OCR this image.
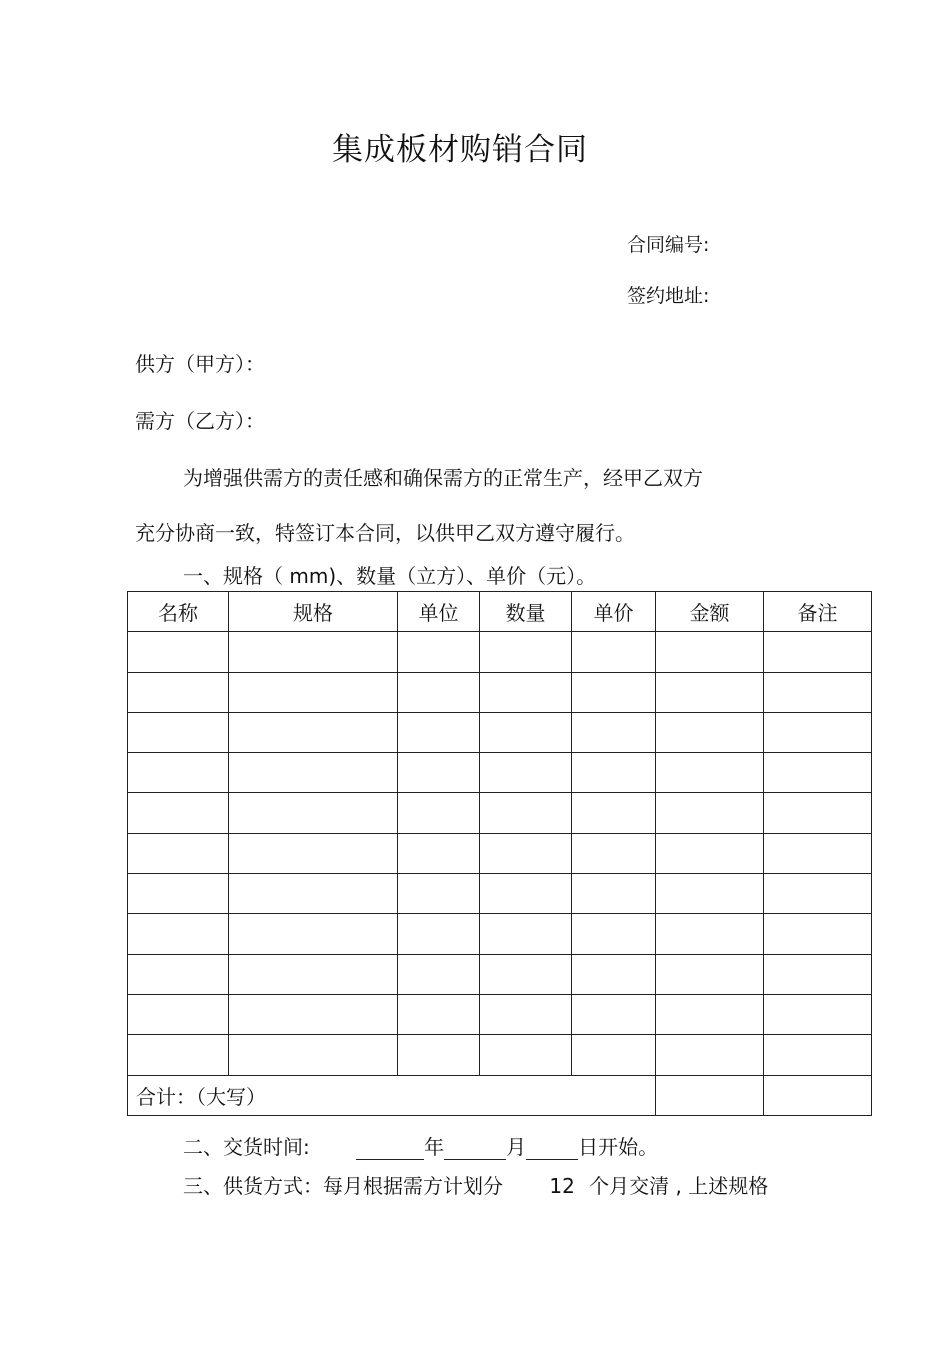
集成板材购销合同
合同编号:
签约地址:
供方（甲方）：
需方（乙方）：
为增强供需方的责任感和确保需方的正常生产，经甲乙双方
充分协商一致，特签订本合同，以供甲乙双方遵守履行。
一、规格（ mm)、数量（立方）、单价（元）。
名称	规格	单位	数量	单价	金额	备注

合计：（大写）						
二、交货时间:	年	月	日开始。
三、供货方式：每月根据需方计划分 12 个月交清 , 上述规格
